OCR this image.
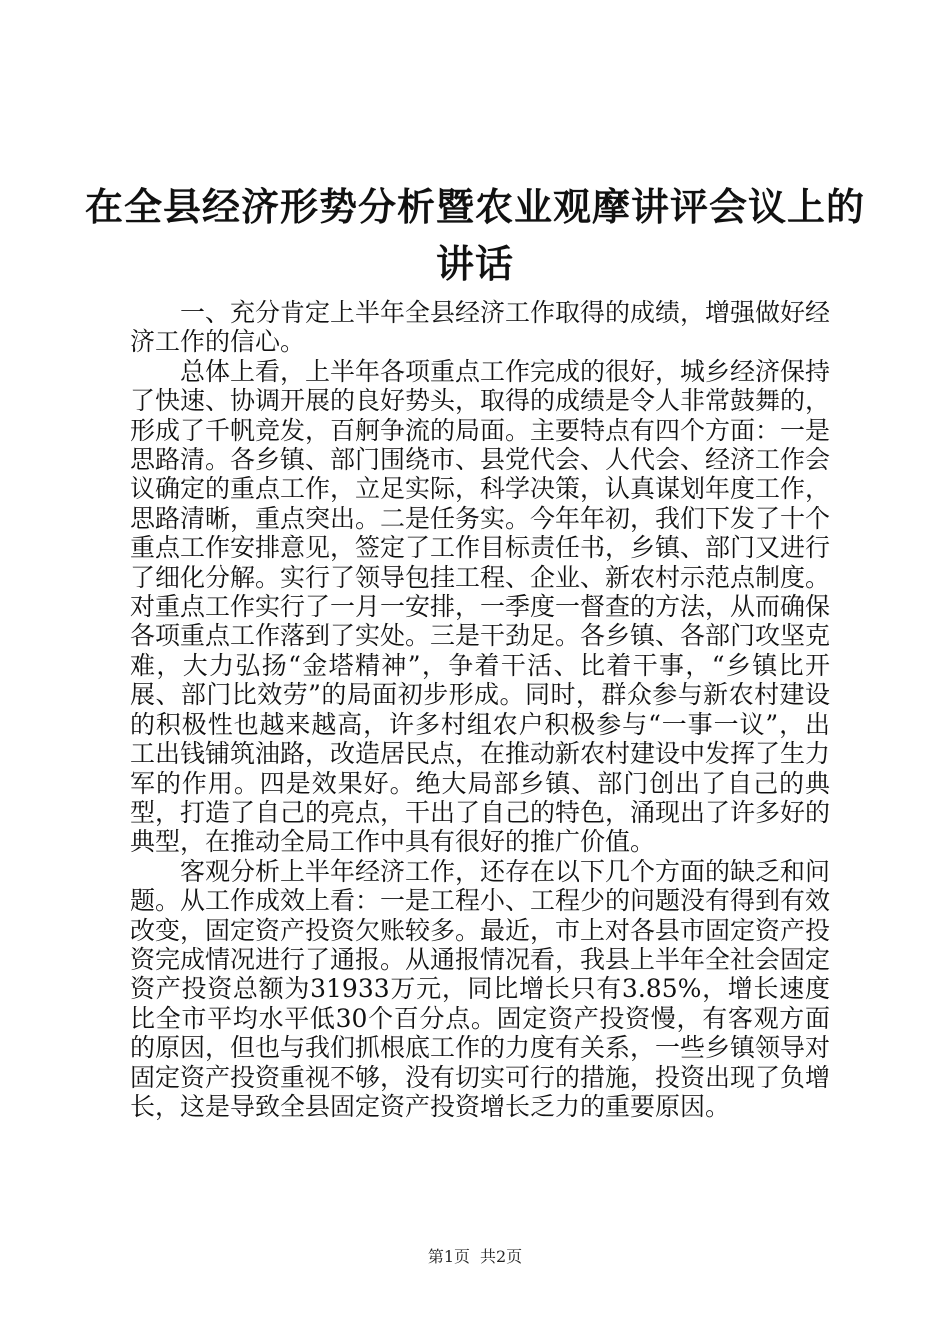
在全县经济形势分析暨农业观摩讲评会议上的
讲话

一、充分肯定上半年全县经济工作取得的成绩，增强做好经济工作的信心。

总体上看，上半年各项重点工作完成的很好，城乡经济保持了快速、协调开展的良好势头，取得的成绩是令人非常鼓舞的，形成了千帆竞发，百舸争流的局面。主要特点有四个方面：一是思路清。各乡镇、部门围绕市、县党代会、人代会、经济工作会议确定的重点工作，立足实际，科学决策，认真谋划年度工作，思路清晰，重点突出。二是任务实。今年年初，我们下发了十个重点工作安排意见，签定了工作目标责任书，乡镇、部门又进行了细化分解。实行了领导包挂工程、企业、新农村示范点制度。对重点工作实行了一月一安排，一季度一督查的方法，从而确保各项重点工作落到了实处。三是干劲足。各乡镇、各部门攻坚克难，大力弘扬“金塔精神”，争着干活、比着干事，“乡镇比开展、部门比效劳”的局面初步形成。同时，群众参与新农村建设的积极性也越来越高，许多村组农户积极参与“一事一议”，出工出钱铺筑油路，改造居民点，在推动新农村建设中发挥了生力军的作用。四是效果好。绝大局部乡镇、部门创出了自己的典型，打造了自己的亮点，干出了自己的特色，涌现出了许多好的典型，在推动全局工作中具有很好的推广价值。

客观分析上半年经济工作，还存在以下几个方面的缺乏和问题。从工作成效上看：一是工程小、工程少的问题没有得到有效改变，固定资产投资欠账较多。最近，市上对各县市固定资产投资完成情况进行了通报。从通报情况看，我县上半年全社会固定资产投资总额为31933万元，同比增长只有3.85%，增长速度比全市平均水平低30个百分点。固定资产投资慢，有客观方面的原因，但也与我们抓根底工作的力度有关系，一些乡镇领导对固定资产投资重视不够，没有切实可行的措施，投资出现了负增长，这是导致全县固定资产投资增长乏力的重要原因。

第1页 共2页
